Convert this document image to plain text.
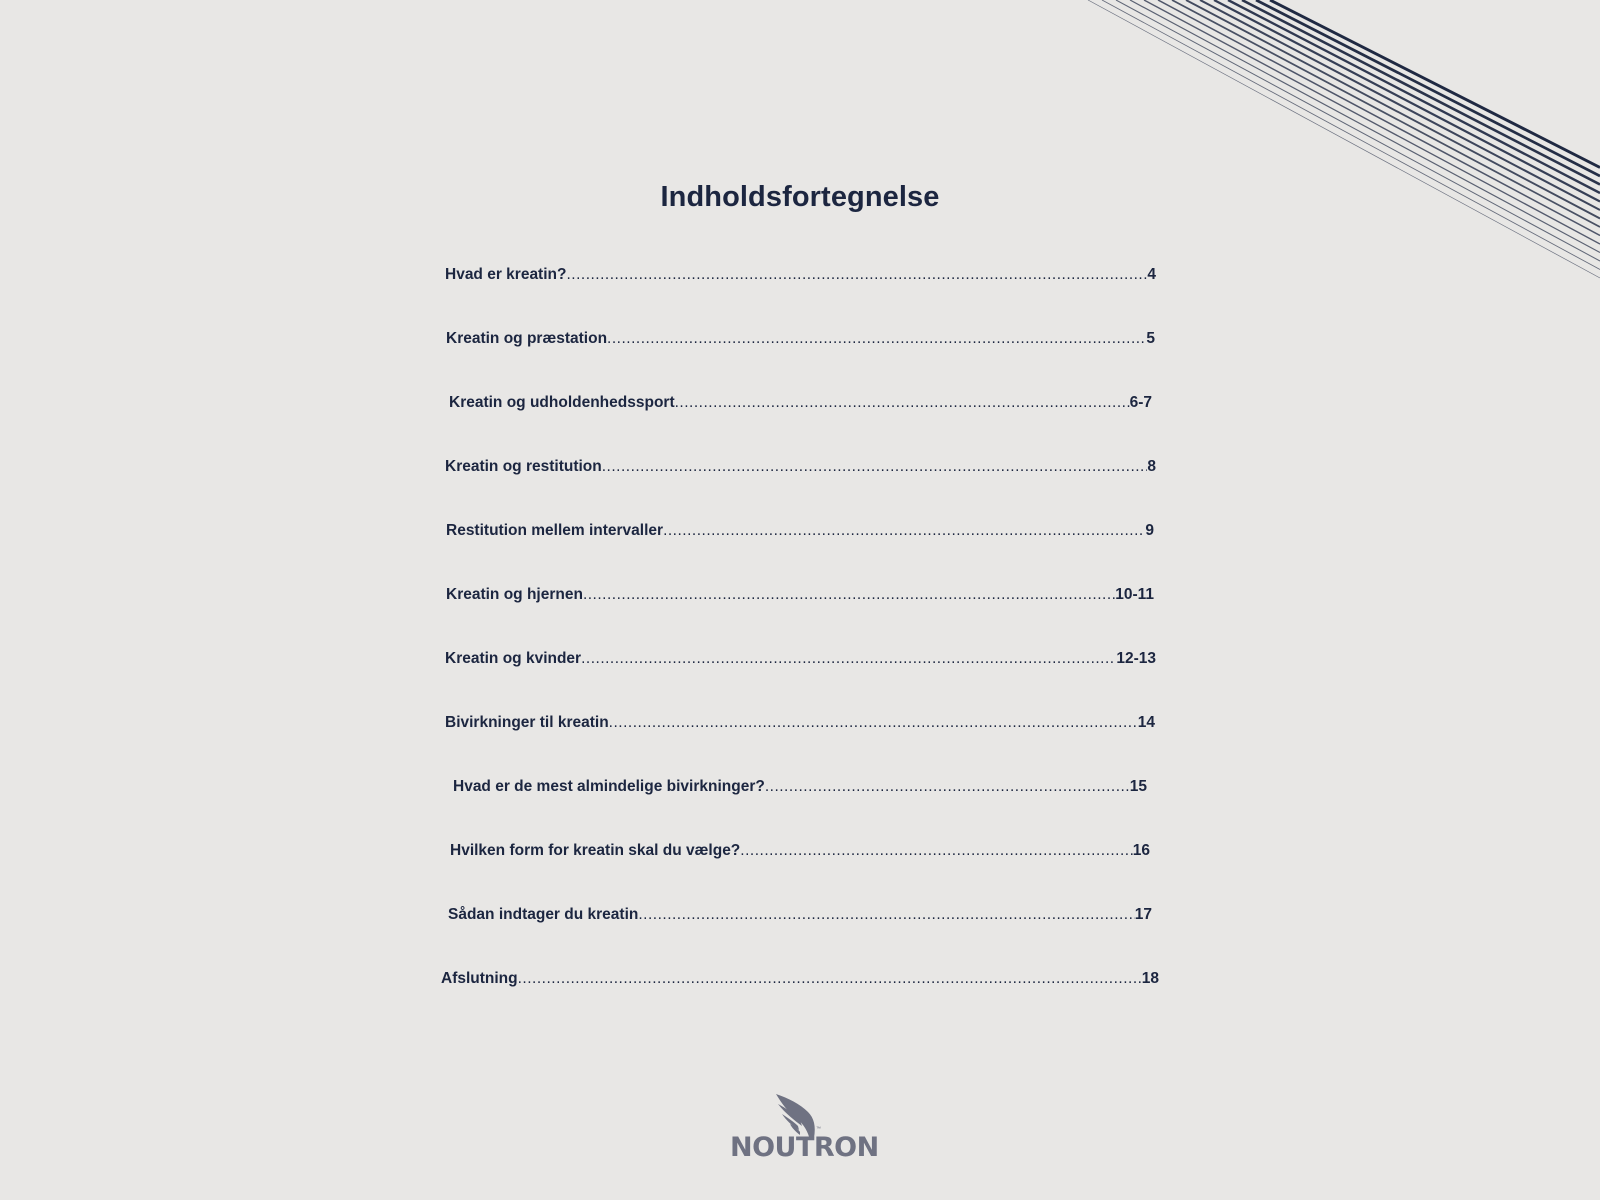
Indholdsfortegnelse
Hvad er kreatin? .....	4
Kreatin og præstation .....	5
Kreatin og udholdenhedssport .....	6-7
Kreatin og restitution .....	8
Restitution mellem intervaller .....	9
Kreatin og hjernen .....	10-11
Kreatin og kvinder .....	12-13
Bivirkninger til kreatin .....	14
Hvad er de mest almindelige bivirkninger? .....	15
Hvilken form for kreatin skal du vælge? .....	16
Sådan indtager du kreatin .....	17
Afslutning .....	18
™
NOUTRON
